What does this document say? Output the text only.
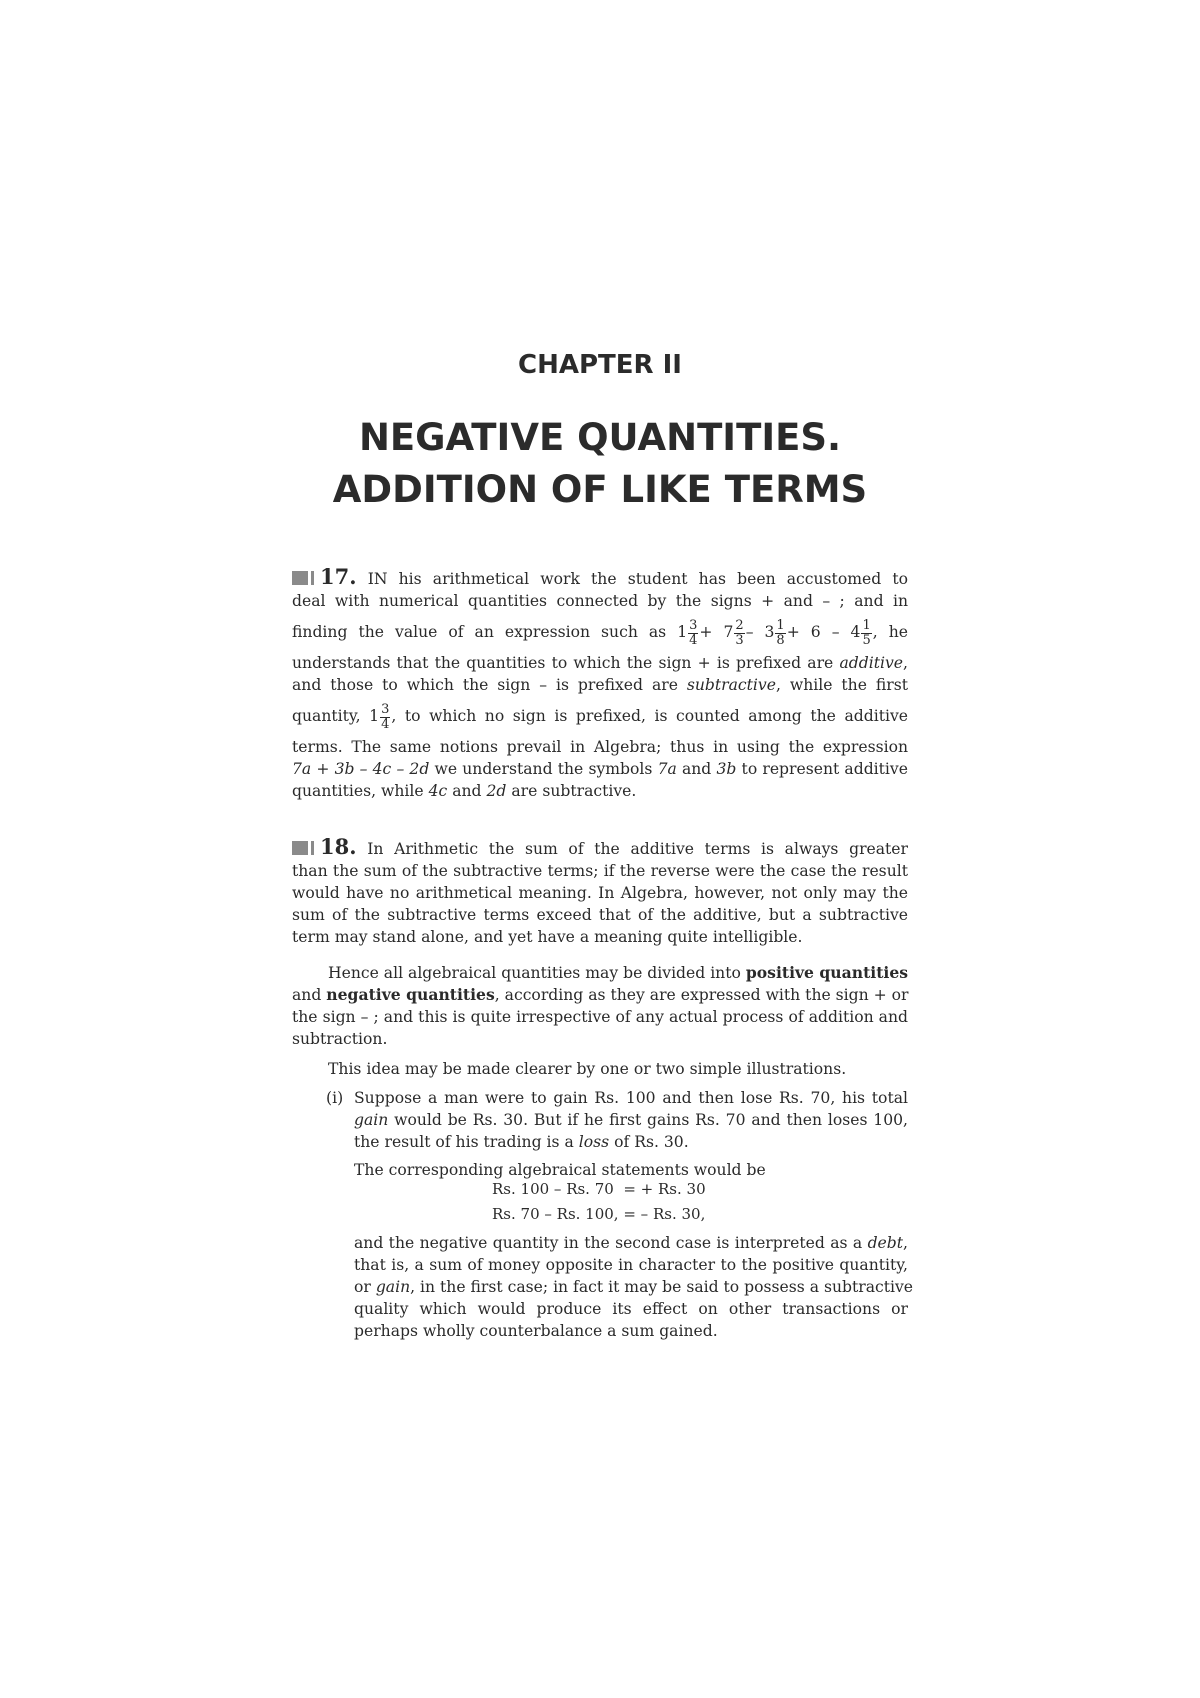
CHAPTER II
NEGATIVE QUANTITIES.
ADDITION OF LIKE TERMS
17. IN his arithmetical work the student has been accustomed to
deal with numerical quantities connected by the signs + and – ; and in
finding the value of an expression such as $1 \frac{3}{4} + 7 \frac{2}{3} - 3 \frac{1}{8} + 6 - 4 \frac{1}{5}$ , he
understands that the quantities to which the sign + is prefixed are additive,
and those to which the sign – is prefixed are subtractive, while the first
quantity, $1 \frac{3}{4}$ , to which no sign is prefixed, is counted among the additive
terms. The same notions prevail in Algebra; thus in using the expression
7a + 3b – 4c – 2d we understand the symbols 7a and 3b to represent additive
quantities, while 4c and 2d are subtractive.
18. In Arithmetic the sum of the additive terms is always greater
than the sum of the subtractive terms; if the reverse were the case the result
would have no arithmetical meaning. In Algebra, however, not only may the
sum of the subtractive terms exceed that of the additive, but a subtractive
term may stand alone, and yet have a meaning quite intelligible.
Hence all algebraical quantities may be divided into positive quantities
and negative quantities, according as they are expressed with the sign + or
the sign – ; and this is quite irrespective of any actual process of addition and
subtraction.
This idea may be made clearer by one or two simple illustrations.
(i) Suppose a man were to gain Rs. 100 and then lose Rs. 70, his total
gain would be Rs. 30. But if he first gains Rs. 70 and then loses 100,
the result of his trading is a loss of Rs. 30.
The corresponding algebraical statements would be
Rs. 100 – Rs. 70  = + Rs. 30
Rs. 70 – Rs. 100, = – Rs. 30,
and the negative quantity in the second case is interpreted as a debt,
that is, a sum of money opposite in character to the positive quantity,
or gain, in the first case; in fact it may be said to possess a subtractive
quality which would produce its effect on other transactions or
perhaps wholly counterbalance a sum gained.
